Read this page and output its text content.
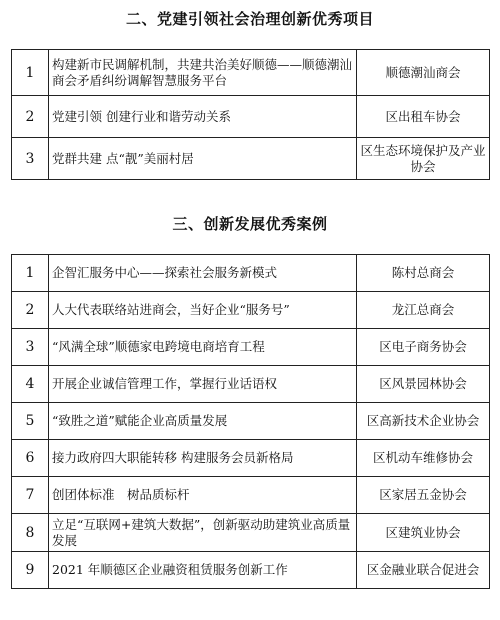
二、党建引领社会治理创新优秀项目
1	构建新市民调解机制，共建共治美好顺德——顺德潮汕商会矛盾纠纷调解智慧服务平台	顺德潮汕商会
2	党建引领 创建行业和谐劳动关系	区出租车协会
3	党群共建 点“靓”美丽村居	区生态环境保护及产业协会
三、创新发展优秀案例
1	企智汇服务中心——探索社会服务新模式	陈村总商会
2	人大代表联络站进商会，当好企业“服务号”	龙江总商会
3	“风满全球”顺德家电跨境电商培育工程	区电子商务协会
4	开展企业诚信管理工作，掌握行业话语权	区风景园林协会
5	“致胜之道”赋能企业高质量发展	区高新技术企业协会
6	接力政府四大职能转移 构建服务会员新格局	区机动车维修协会
7	创团体标准　树品质标杆	区家居五金协会
8	立足“互联网+建筑大数据”，创新驱动助建筑业高质量发展	区建筑业协会
9	2021 年顺德区企业融资租赁服务创新工作	区金融业联合促进会
